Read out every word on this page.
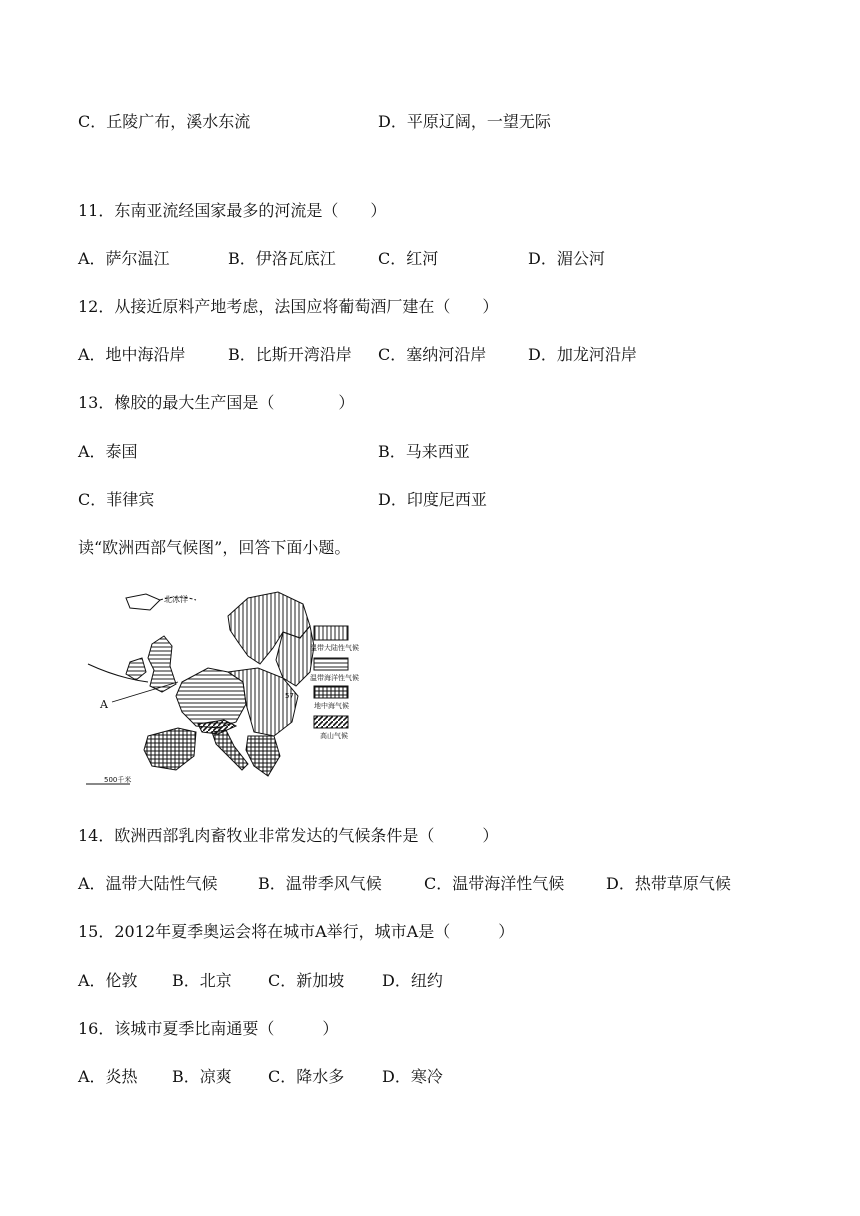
C．丘陵广布，溪水东流	D．平原辽阔，一望无际
11．东南亚流经国家最多的河流是（　　）
A．萨尔温江	B．伊洛瓦底江	C．红河	D．湄公河
12．从接近原料产地考虑，法国应将葡萄酒厂建在（　　）
A．地中海沿岸	B．比斯开湾沿岸 C．塞纳河沿岸	D．加龙河沿岸
13．橡胶的最大生产国是（　　　　）
A．泰国	B．马来西亚
C．菲律宾	D．印度尼西亚
读“欧洲西部气候图”，回答下面小题。
北冰洋
A
57
500千米
温带大陆性气候
温带海洋性气候
地中海气候
高山气候
14．欧洲西部乳肉畜牧业非常发达的气候条件是（　　　）
A．温带大陆性气候	B．温带季风气候	C．温带海洋性气候	D．热带草原气候
15．2012年夏季奥运会将在城市A举行，城市A是（　　　）
A．伦敦 B．北京 C．新加坡 D．纽约
16．该城市夏季比南通要（　　　）
A．炎热 B．凉爽 C．降水多 D．寒冷
